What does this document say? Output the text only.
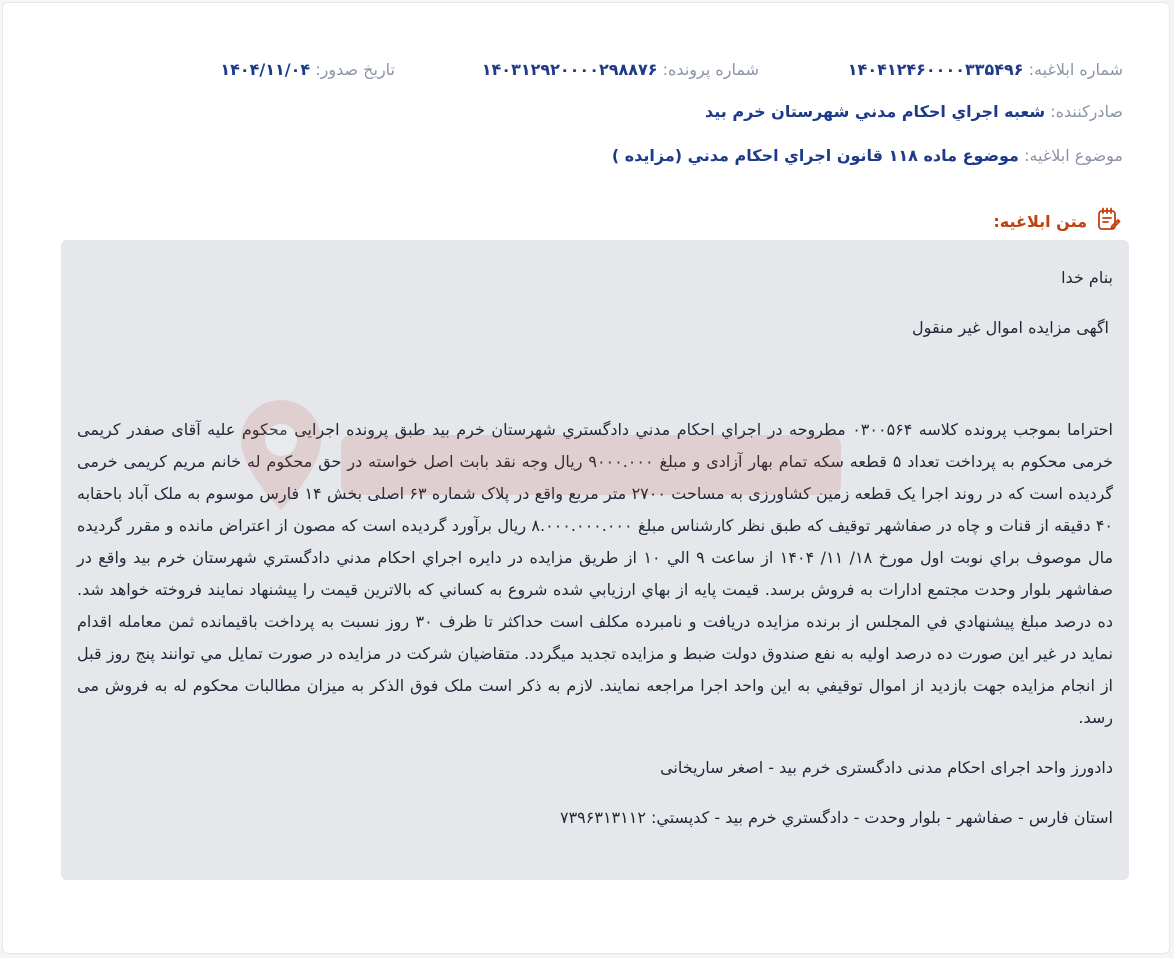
شماره ابلاغیه: ۱۴۰۴۱۲۴۶۰۰۰۰۳۳۵۴۹۶
شماره پرونده: ۱۴۰۳۱۲۹۲۰۰۰۰۲۹۸۸۷۶
تاریخ صدور: ۱۴۰۴/۱۱/۰۴
صادرکننده: شعبه اجراي احكام مدني شهرستان خرم بيد
موضوع ابلاغیه: موضوع ماده ۱۱۸ قانون اجراي احكام مدني (مزايده )
متن ابلاغیه:

بنام خدا

اگهی مزایده اموال غیر منقول

احتراما بموجب پرونده کلاسه ۰۳۰۰۵۶۴ مطروحه در اجراي احكام مدني دادگستري شهرستان خرم بيد طبق پرونده اجرایی محکوم علیه آقای صفدر کریمی خرمی محکوم به پرداخت تعداد ۵ قطعه سکه تمام بهار آزادی و مبلغ ۹۰۰۰.۰۰۰ ریال وجه نقد بابت اصل خواسته در حق محکوم له خانم مریم کریمی خرمی گردیده است که در روند اجرا یک قطعه زمین کشاورزی به مساحت ۲۷۰۰ متر مربع واقع در پلاک شماره ۶۳ اصلی بخش ۱۴ فارس موسوم به ملک آباد باحقابه ۴۰ دقیقه از قنات و چاه در صفاشهر توقیف که طبق نظر کارشناس مبلغ ۸.۰۰۰.۰۰۰.۰۰۰ ریال برآورد گردیده است که مصون از اعتراض مانده و مقرر گرديده مال موصوف براي نوبت اول مورخ ۱۸/ ۱۱/ ۱۴۰۴ از ساعت ۹ الي ۱۰ از طريق مزايده در دايره اجراي احكام مدني دادگستري شهرستان خرم بيد واقع در صفاشهر بلوار وحدت مجتمع ادارات به فروش برسد. قيمت پايه از بهاي ارزيابي شده شروع به كساني كه بالاترين قيمت را پيشنهاد نمايند فروخته خواهد شد. ده درصد مبلغ پيشنهادي في المجلس از برنده مزايده دريافت و نامبرده مكلف است حداكثر تا ظرف ۳۰ روز نسبت به پرداخت باقيمانده ثمن معامله اقدام نمايد در غير اين صورت ده درصد اوليه به نفع صندوق دولت ضبط و مزايده تجديد ميگردد. متقاضيان شركت در مزايده در صورت تمايل مي توانند پنج روز قبل از انجام مزايده جهت بازديد از اموال توقيفي به اين واحد اجرا مراجعه نمايند. لازم به ذکر است ملک فوق الذکر به میزان مطالبات محکوم له به فروش می رسد.

دادورز واحد اجرای احکام مدنی دادگستری خرم بید - اصغر ساریخانی

استان فارس - صفاشهر - بلوار وحدت - دادگستري خرم بيد - كدپستي: ۷۳۹۶۳۱۳۱۱۲
